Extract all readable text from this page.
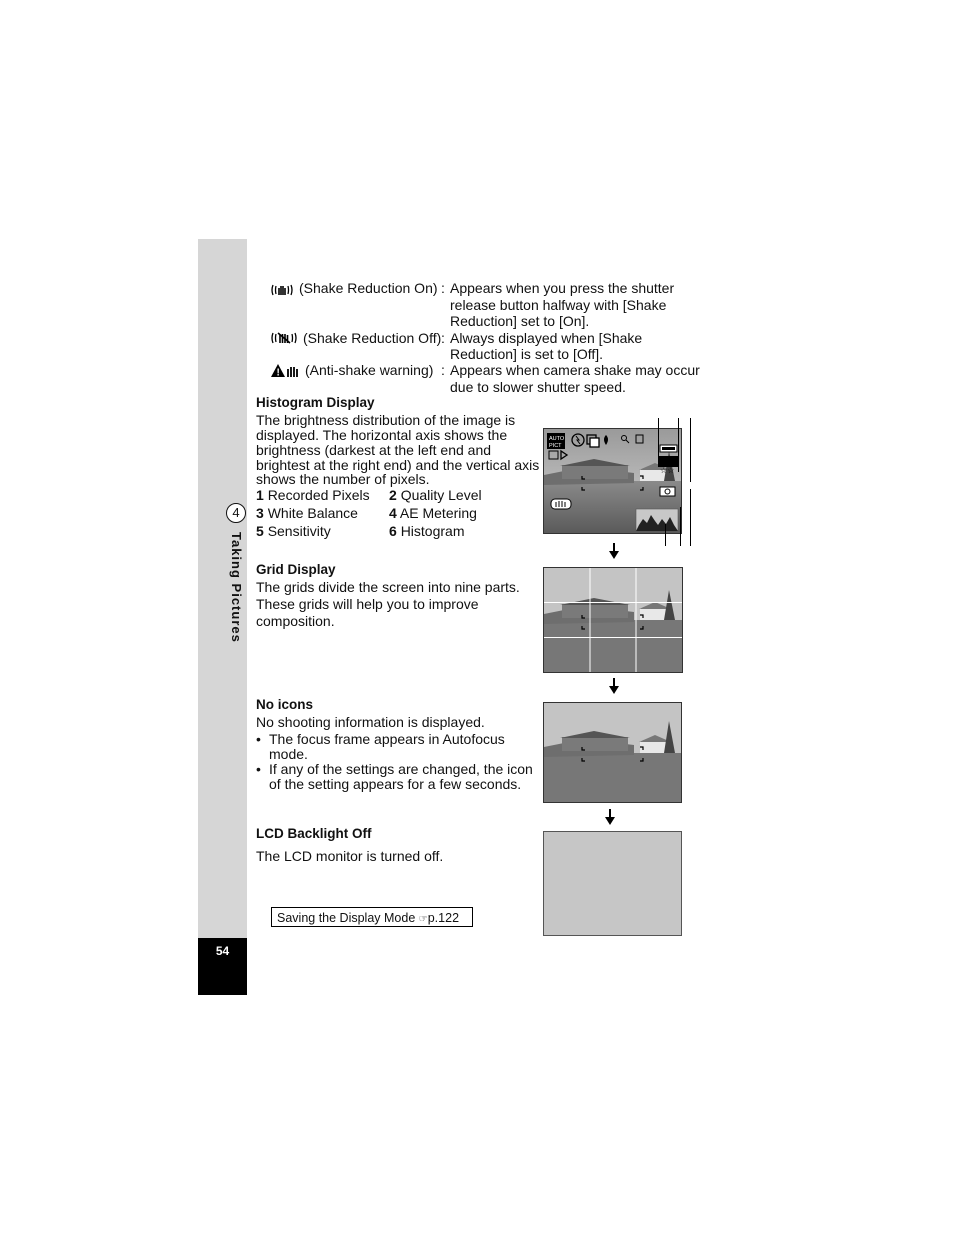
4
Taking Pictures
54
(Shake Reduction On) : Appears when you press the shutter
release button halfway with [Shake
Reduction] set to [On].
(Shake Reduction Off) : Always displayed when [Shake
Reduction] is set to [Off].
! (Anti-shake warning) : Appears when camera shake may occur
due to slower shutter speed.
Histogram Display
The brightness distribution of the image is
displayed. The horizontal axis shows the
brightness (darkest at the left end and
brightest at the right end) and the vertical axis
shows the number of pixels.
1 Recorded Pixels 2 Quality Level
3 White Balance 4 AE Metering
5 Sensitivity	6 Histogram
AUTO
PICT
☆☆
Grid Display
The grids divide the screen into nine parts.
These grids will help you to improve
composition.
No icons
No shooting information is displayed.
• The focus frame appears in Autofocus
mode.
• If any of the settings are changed, the icon
of the setting appears for a few seconds.
LCD Backlight Off
The LCD monitor is turned off.
Saving the Display Mode ☞p.122
